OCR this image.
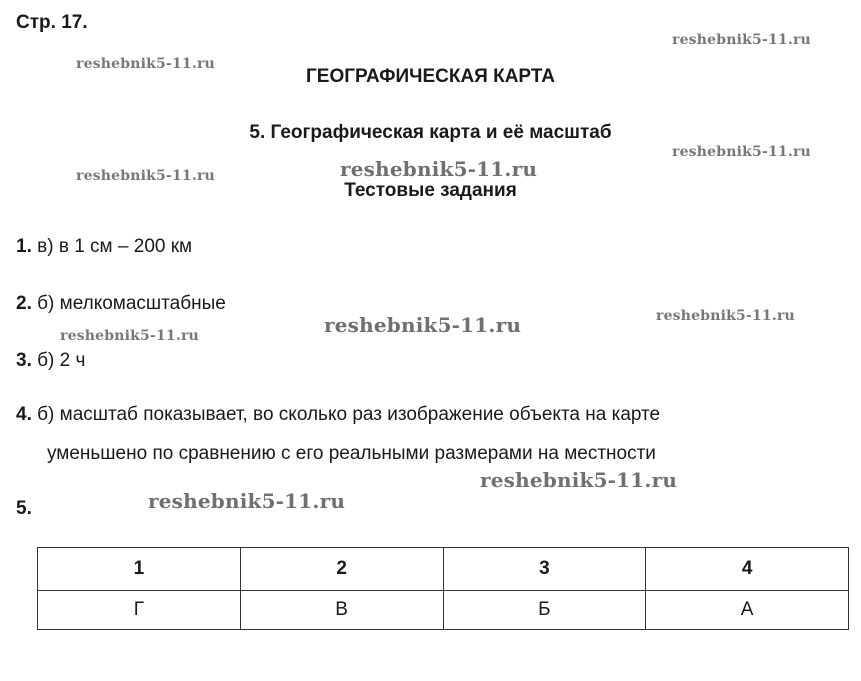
Стр. 17.
reshebnik5-11.ru
reshebnik5-11.ru
ГЕОГРАФИЧЕСКАЯ КАРТА
5. Географическая карта и её масштаб
reshebnik5-11.ru
reshebnik5-11.ru
reshebnik5-11.ru
Тестовые задания
1. в) в 1 см – 200 км
2. б) мелкомасштабные
reshebnik5-11.ru
reshebnik5-11.ru
reshebnik5-11.ru
3. б) 2 ч
4. б) масштаб показывает, во сколько раз изображение объекта на карте
уменьшено по сравнению с его реальными размерами на местности
reshebnik5-11.ru
reshebnik5-11.ru
5.
1	2	3	4
Г	В	Б	А
